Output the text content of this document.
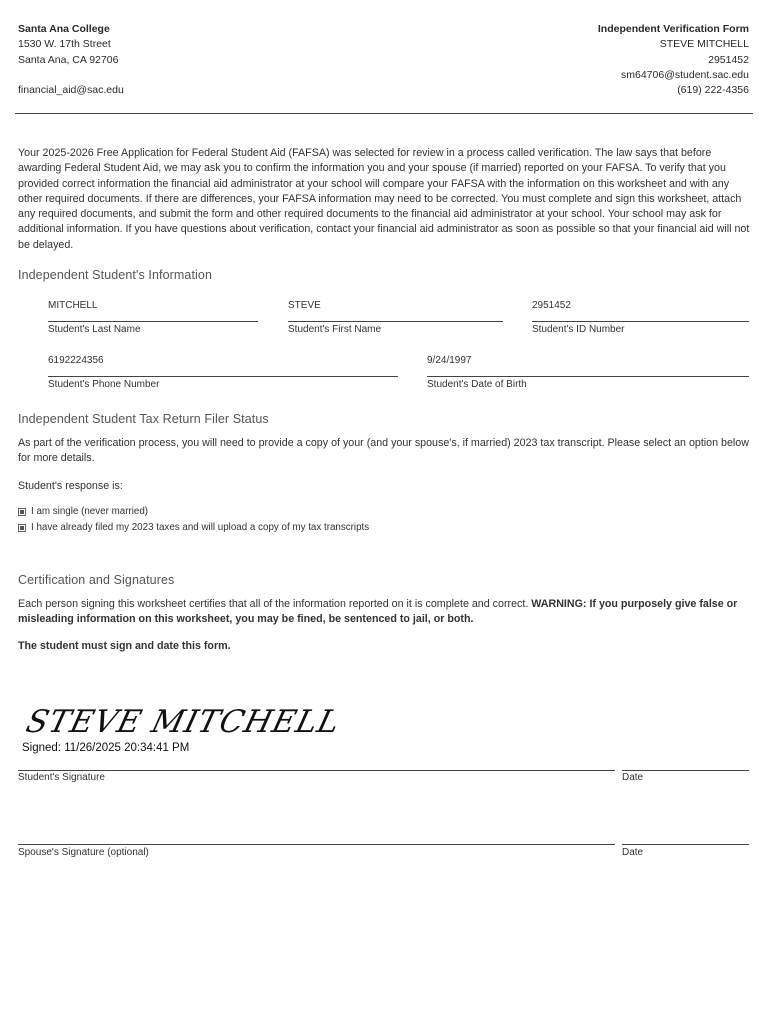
Santa Ana College
1530 W. 17th Street
Santa Ana, CA 92706
financial_aid@sac.edu
Independent Verification Form
STEVE MITCHELL
2951452
sm64706@student.sac.edu
(619) 222-4356
Your 2025-2026 Free Application for Federal Student Aid (FAFSA) was selected for review in a process called verification. The law says that before awarding Federal Student Aid, we may ask you to confirm the information you and your spouse (if married) reported on your FAFSA. To verify that you provided correct information the financial aid administrator at your school will compare your FAFSA with the information on this worksheet and with any other required documents. If there are differences, your FAFSA information may need to be corrected. You must complete and sign this worksheet, attach any required documents, and submit the form and other required documents to the financial aid administrator at your school. Your school may ask for additional information. If you have questions about verification, contact your financial aid administrator as soon as possible so that your financial aid will not be delayed.
Independent Student's Information
MITCHELL
Student's Last Name
STEVE
Student's First Name
2951452
Student's ID Number
6192224356
Student's Phone Number
9/24/1997
Student's Date of Birth
Independent Student Tax Return Filer Status
As part of the verification process, you will need to provide a copy of your (and your spouse's, if married) 2023 tax transcript. Please select an option below for more details.
Student's response is:
I am single (never married)
I have already filed my 2023 taxes and will upload a copy of my tax transcripts
Certification and Signatures
Each person signing this worksheet certifies that all of the information reported on it is complete and correct. WARNING: If you purposely give false or misleading information on this worksheet, you may be fined, be sentenced to jail, or both.
The student must sign and date this form.
STEVE MITCHELL
Signed: 11/26/2025 20:34:41 PM
Student's Signature	Date
Spouse's Signature (optional)	Date
